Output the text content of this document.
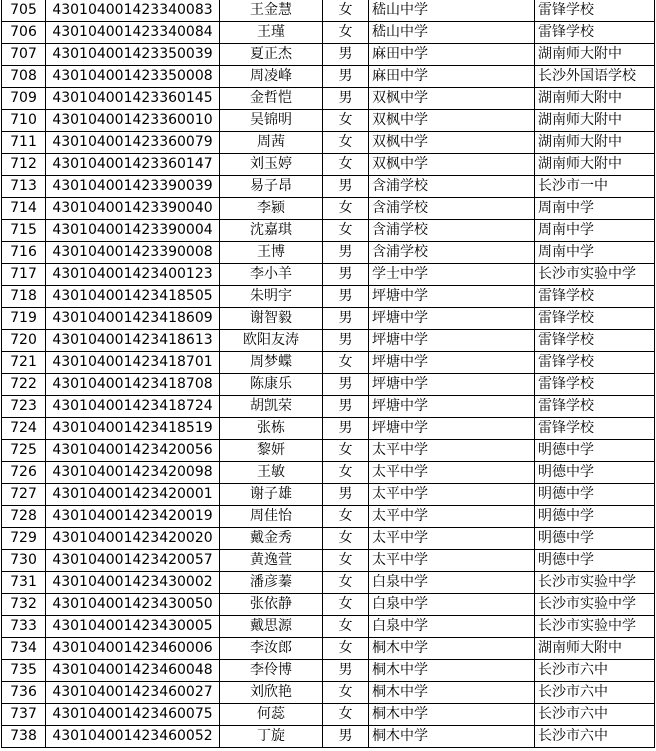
705	430104001423340083	王金慧	女	嵇山中学	雷锋学校
706	430104001423340084	王瑾	女	嵇山中学	雷锋学校
707	430104001423350039	夏正杰	男	麻田中学	湖南师大附中
708	430104001423350008	周凌峰	男	麻田中学	长沙外国语学校
709	430104001423360145	金哲恺	男	双枫中学	湖南师大附中
710	430104001423360010	吴锦明	女	双枫中学	湖南师大附中
711	430104001423360079	周茜	女	双枫中学	湖南师大附中
712	430104001423360147	刘玉婷	女	双枫中学	湖南师大附中
713	430104001423390039	易子昂	男	含浦学校	长沙市一中
714	430104001423390040	李颍	女	含浦学校	周南中学
715	430104001423390004	沈嘉琪	女	含浦学校	周南中学
716	430104001423390008	王博	男	含浦学校	周南中学
717	430104001423400123	李小羊	男	学士中学	长沙市实验中学
718	430104001423418505	朱明宇	男	坪塘中学	雷锋学校
719	430104001423418609	谢智毅	男	坪塘中学	雷锋学校
720	430104001423418613	欧阳友涛	男	坪塘中学	雷锋学校
721	430104001423418701	周梦蝶	女	坪塘中学	雷锋学校
722	430104001423418708	陈康乐	男	坪塘中学	雷锋学校
723	430104001423418724	胡凯荣	男	坪塘中学	雷锋学校
724	430104001423418519	张栋	男	坪塘中学	雷锋学校
725	430104001423420056	黎妍	女	太平中学	明德中学
726	430104001423420098	王敏	女	太平中学	明德中学
727	430104001423420001	谢子雄	男	太平中学	明德中学
728	430104001423420019	周佳怡	女	太平中学	明德中学
729	430104001423420020	戴金秀	女	太平中学	明德中学
730	430104001423420057	黄逸萱	女	太平中学	明德中学
731	430104001423430002	潘彦蓁	女	白泉中学	长沙市实验中学
732	430104001423430050	张依静	女	白泉中学	长沙市实验中学
733	430104001423430005	戴思源	女	白泉中学	长沙市实验中学
734	430104001423460006	李汝郎	女	桐木中学	湖南师大附中
735	430104001423460048	李伶博	男	桐木中学	长沙市六中
736	430104001423460027	刘欣艳	女	桐木中学	长沙市六中
737	430104001423460075	何蕊	女	桐木中学	长沙市六中
738	430104001423460052	丁旋	男	桐木中学	长沙市六中
